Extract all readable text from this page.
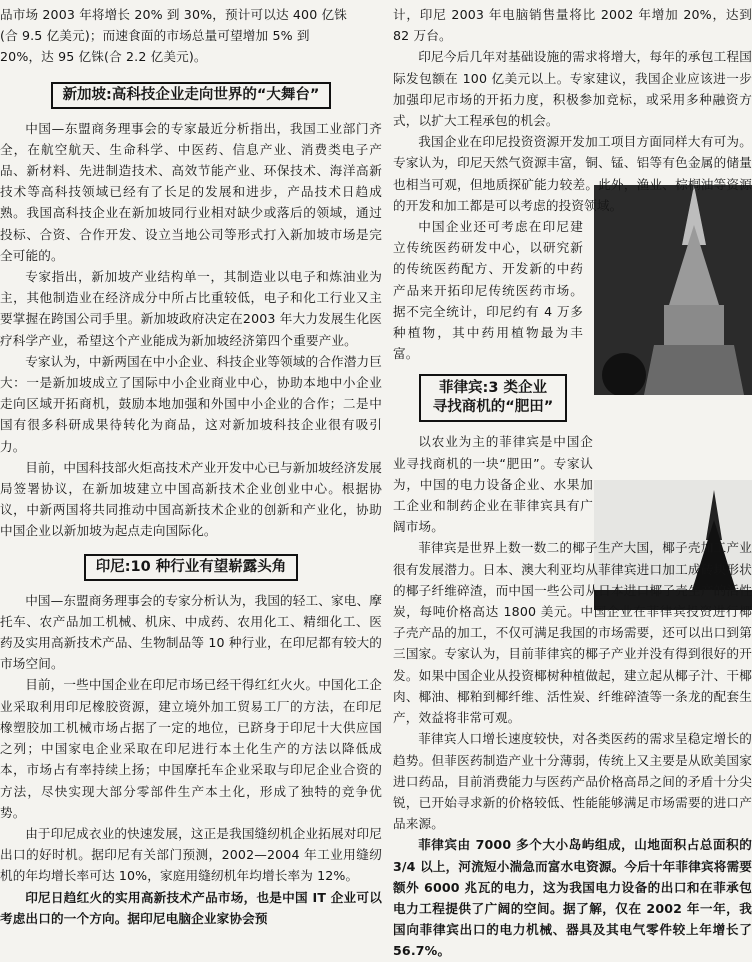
品市场 2003 年将增长 20% 到 30%，预计可以达 400 亿铢

(合 9.5 亿美元)；而速食面的市场总量可望增加 5% 到

20%，达 95 亿铢(合 2.2 亿美元)。

新加坡:高科技企业走向世界的“大舞台”

中国—东盟商务理事会的专家最近分析指出，我国工业部门齐全，在航空航天、生命科学、中医药、信息产业、消费类电子产品、新材料、先进制造技术、高效节能产业、环保技术、海洋高新技术等高科技领域已经有了长足的发展和进步，产品技术日趋成熟。我国高科技企业在新加坡同行业相对缺少或落后的领域，通过投标、合资、合作开发、设立当地公司等形式打入新加坡市场是完全可能的。

专家指出，新加坡产业结构单一，其制造业以电子和炼油业为主，其他制造业在经济成分中所占比重较低，电子和化工行业又主要掌握在跨国公司手里。新加坡政府决定在2003 年大力发展生化医疗科学产业，希望这个产业能成为新加坡经济第四个重要产业。

专家认为，中新两国在中小企业、科技企业等领域的合作潜力巨大：一是新加坡成立了国际中小企业商业中心，协助本地中小企业走向区域开拓商机，鼓励本地加强和外国中小企业的合作；二是中国有很多科研成果待转化为商品，这对新加坡科技企业很有吸引力。

目前，中国科技部火炬高技术产业开发中心已与新加坡经济发展局签署协议，在新加坡建立中国高新技术企业创业中心。根据协议，中新两国将共同推动中国高新技术企业的创新和产业化，协助中国企业以新加坡为起点走向国际化。

印尼:10 种行业有望崭露头角

中国—东盟商务理事会的专家分析认为，我国的轻工、家电、摩托车、农产品加工机械、机床、中成药、农用化工、精细化工、医药及实用高新技术产品、生物制品等 10 种行业，在印尼都有较大的市场空间。

目前，一些中国企业在印尼市场已经干得红红火火。中国化工企业采取利用印尼橡胶资源，建立境外加工贸易工厂的方法，在印尼橡塑胶加工机械市场占据了一定的地位，已跻身于印尼十大供应国之列；中国家电企业采取在印尼进行本土化生产的方法以降低成本，市场占有率持续上扬；中国摩托车企业采取与印尼企业合资的方法，尽快实现大部分零部件生产本土化，形成了独特的竞争优势。

由于印尼成衣业的快速发展，这正是我国缝纫机企业拓展对印尼出口的好时机。据印尼有关部门预测，2002—2004 年工业用缝纫机的年均增长率可达 10%，家庭用缝纫机年均增长率为 12%。

印尼日趋红火的实用高新技术产品市场，也是中国 IT 企业可以考虑出口的一个方向。据印尼电脑企业家协会预

计，印尼 2003 年电脑销售量将比 2002 年增加 20%，达到 82 万台。

印尼今后几年对基础设施的需求将增大，每年的承包工程国际发包额在 100 亿美元以上。专家建议，我国企业应该进一步加强印尼市场的开拓力度，积极参加竞标，或采用多种融资方式，以扩大工程承包的机会。

我国企业在印尼投资资源开发加工项目方面同样大有可为。专家认为，印尼天然气资源丰富，铜、锰、铝等有色金属的储量也相当可观，但地质探矿能力较差。此外，渔业、棕榈油等资源的开发和加工都是可以考虑的投资领域。

中国企业还可考虑在印尼建立传统医药研发中心，以研究新的传统医药配方、开发新的中药产品来开拓印尼传统医药市场。据不完全统计，印尼约有 4 万多种植物，其中药用植物最为丰富。

菲律宾:3 类企业
寻找商机的“肥田”

以农业为主的菲律宾是中国企业寻找商机的一块“肥田”。专家认为，中国的电力设备企业、水果加工企业和制药企业在菲律宾具有广阔市场。

菲律宾是世界上数一数二的椰子生产大国，椰子壳加工产业很有发展潜力。日本、澳大利亚均从菲律宾进口加工成砖块形状的椰子纤维碎渣，而中国一些公司从日本进口椰子壳生产的活性炭，每吨价格高达 1800 美元。中国企业在菲律宾投资进行椰子壳产品的加工，不仅可满足我国的市场需要，还可以出口到第三国家。专家认为，目前菲律宾的椰子产业并没有得到很好的开发。如果中国企业从投资椰树种植做起，建立起从椰子汁、干椰肉、椰油、椰粕到椰纤维、活性炭、纤维碎渣等一条龙的配套生产，效益将非常可观。

菲律宾人口增长速度较快，对各类医药的需求呈稳定增长的趋势。但菲医药制造产业十分薄弱，传统上又主要是从欧美国家进口药品，目前消费能力与医药产品价格高昂之间的矛盾十分尖锐，已开始寻求新的价格较低、性能能够满足市场需要的进口产品来源。

菲律宾由 7000 多个大小岛屿组成，山地面积占总面积的 3/4 以上，河流短小湍急而富水电资源。今后十年菲律宾将需要额外 6000 兆瓦的电力，这为我国电力设备的出口和在菲承包电力工程提供了广阔的空间。据了解，仅在 2002 年一年，我国向菲律宾出口的电力机械、器具及其电气零件较上年增长了 56.7%。
